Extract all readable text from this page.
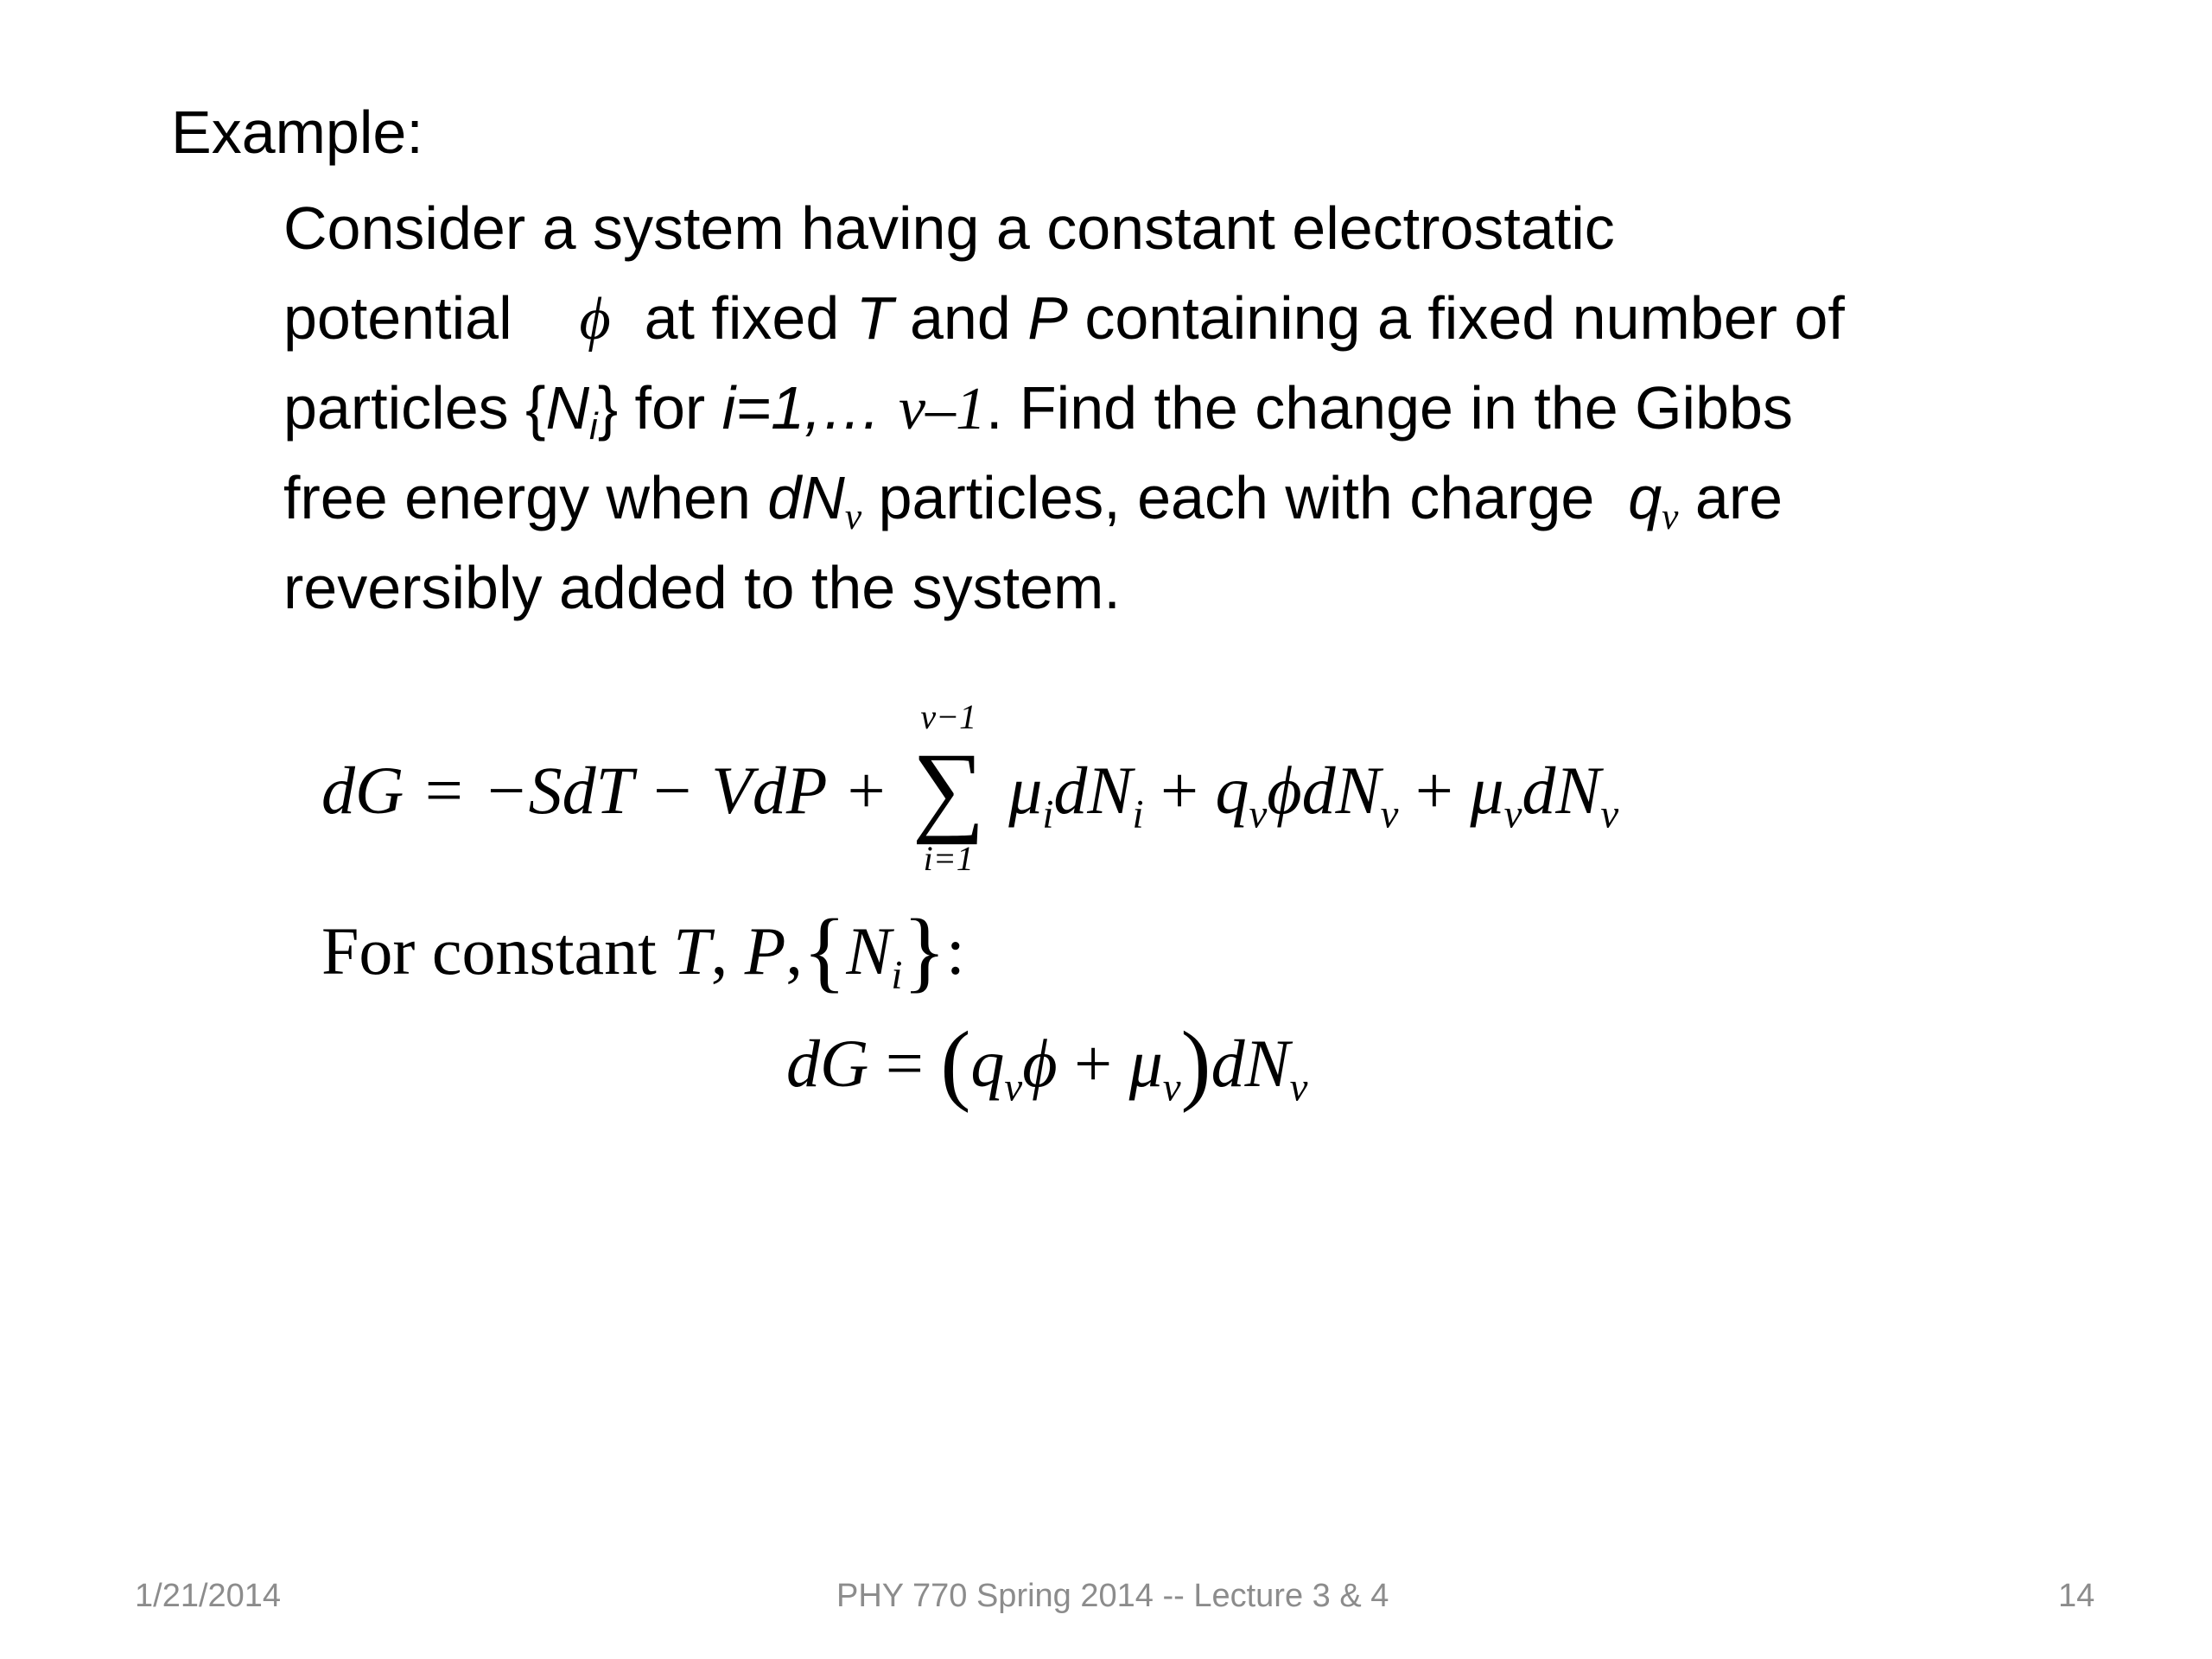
Example:
Consider a system having a constant electrostatic
potential ϕ at fixed T and P containing a fixed number of
particles $\{N_i\}$ for i=1,… ν–1. Find the change in the Gibbs
free energy when $dN_\nu$ particles, each with charge $q_\nu$ are
reversibly added to the system.
dG = −SdT − VdP +
ν−1
∑
i=1
$\mu_idN_i + q_\nu\phi dN_\nu + \mu_\nu dN_\nu$
For constant T, $P,\{N_i\}$:
dG = $(q_\nu\phi + \mu_\nu)dN_\nu$
1/21/2014	PHY 770 Spring 2014 -- Lecture 3 & 4	14
